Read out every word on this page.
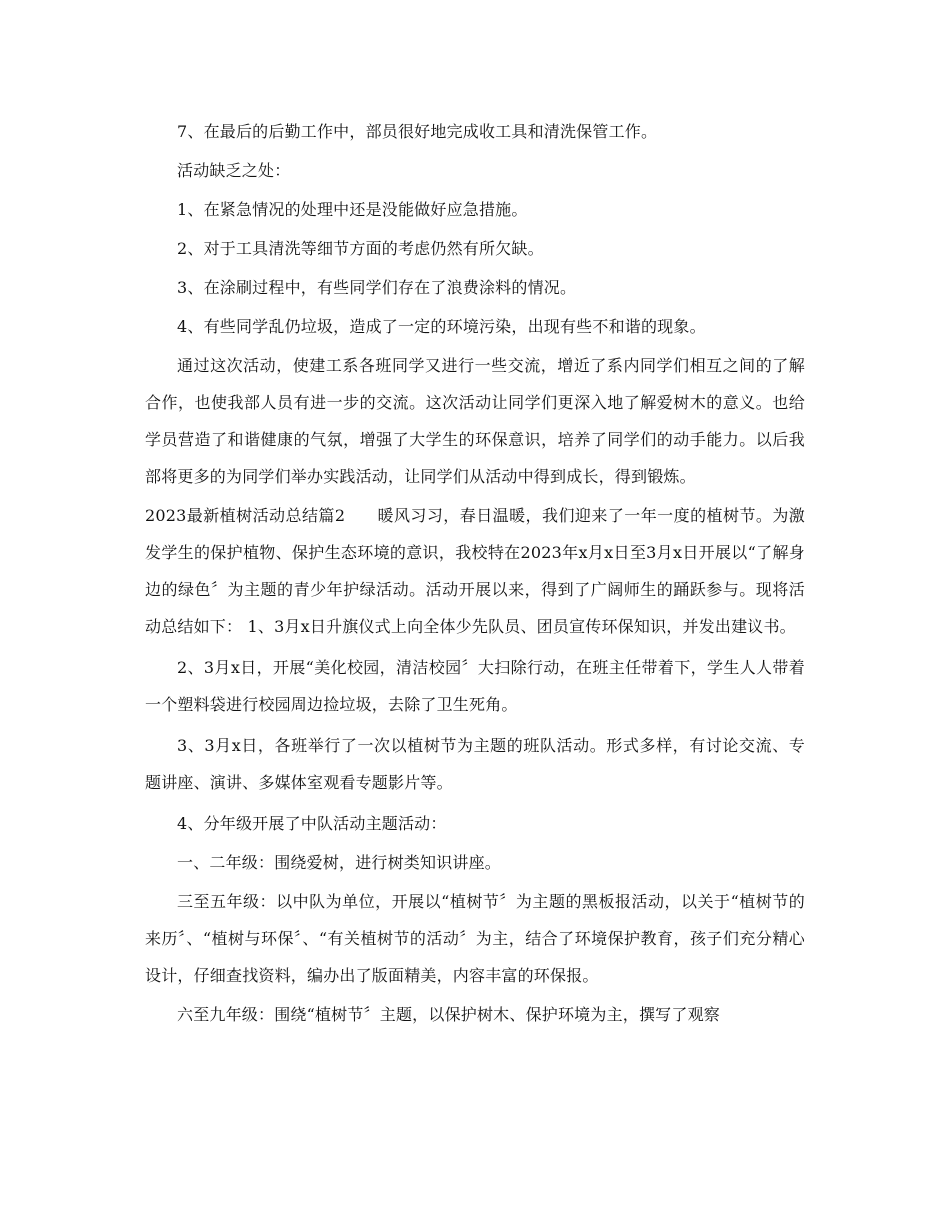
7、在最后的后勤工作中，部员很好地完成收工具和清洗保管工作。

活动缺乏之处：

1、在紧急情况的处理中还是没能做好应急措施。

2、对于工具清洗等细节方面的考虑仍然有所欠缺。

3、在涂刷过程中，有些同学们存在了浪费涂料的情况。

4、有些同学乱仍垃圾，造成了一定的环境污染，出现有些不和谐的现象。

通过这次活动，使建工系各班同学又进行一些交流，增近了系内同学们相互之间的了解合作，也使我部人员有进一步的交流。这次活动让同学们更深入地了解爱树木的意义。也给学员营造了和谐健康的气氛，增强了大学生的环保意识，培养了同学们的动手能力。以后我部将更多的为同学们举办实践活动，让同学们从活动中得到成长，得到锻炼。

2023最新植树活动总结篇2 暖风习习，春日温暖，我们迎来了一年一度的植树节。为激发学生的保护植物、保护生态环境的意识，我校特在2023年x月x日至3月x日开展以“了解身边的绿色〞为主题的青少年护绿活动。活动开展以来，得到了广阔师生的踊跃参与。现将活动总结如下： 1、3月x日升旗仪式上向全体少先队员、团员宣传环保知识，并发出建议书。

2、3月x日，开展“美化校园，清洁校园〞大扫除行动，在班主任带着下，学生人人带着一个塑料袋进行校园周边捡垃圾，去除了卫生死角。

3、3月x日，各班举行了一次以植树节为主题的班队活动。形式多样，有讨论交流、专题讲座、演讲、多媒体室观看专题影片等。

4、分年级开展了中队活动主题活动：

一、二年级：围绕爱树，进行树类知识讲座。

三至五年级：以中队为单位，开展以“植树节〞为主题的黑板报活动，以关于“植树节的来历〞、“植树与环保〞、“有关植树节的活动〞为主，结合了环境保护教育，孩子们充分精心设计，仔细查找资料，编办出了版面精美，内容丰富的环保报。

六至九年级：围绕“植树节〞主题，以保护树木、保护环境为主，撰写了观察
